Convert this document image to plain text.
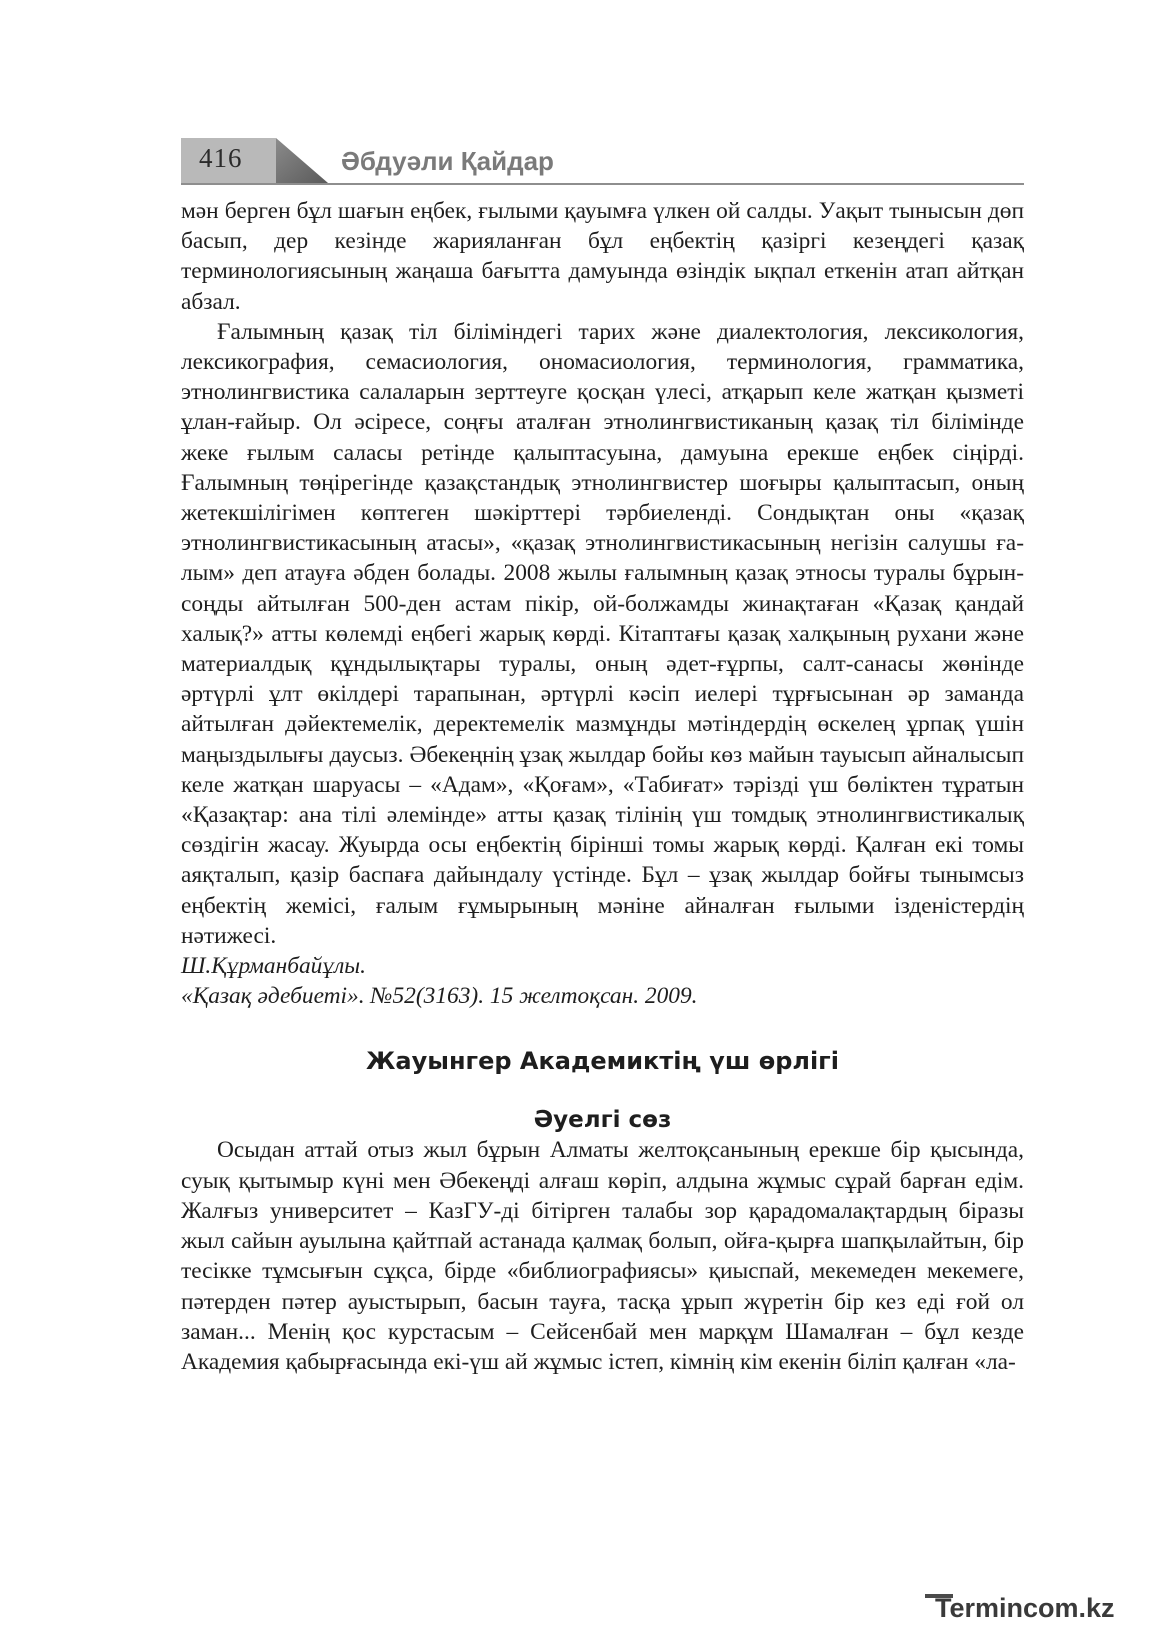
416	Әбдуәли Қайдар

мән берген бұл шағын еңбек, ғылыми қауымға үлкен ой салды. Уақыт тынысын дөп басып, дер кезінде жарияланған бұл еңбектің қазіргі кезеңдегі қазақ терминологиясының жаңаша бағытта дамуында өзіндік ықпал еткенін атап айтқан абзал.

Ғалымның қазақ тіл біліміндегі тарих және диалектология, лексикология, лексикография, семасиология, ономасиология, терминология, грамматика, этнолингвистика салаларын зерттеуге қосқан үлесі, атқарып келе жатқан қызметі ұлан-ғайыр. Ол әсіресе, соңғы аталған этнолингвистиканың қазақ тіл білімінде жеке ғылым саласы ретінде қалыптасуына, дамуына ерекше еңбек сіңірді. Ғалымның төңірегінде қазақстандық этнолингвистер шоғыры қалыптасып, оның жетекшілігімен көптеген шәкірттері тәрбиеленді. Сондықтан оны «қазақ этнолингвистикасының атасы», «қазақ этнолингвистикасының негізін салушы ғалым» деп атауға әбден болады. 2008 жылы ғалымның қазақ этносы туралы бұрын-соңды айтылған 500-ден астам пікір, ой-болжамды жинақтаған «Қазақ қандай халық?» атты көлемді еңбегі жарық көрді. Кітаптағы қазақ халқының рухани және материалдық құндылықтары туралы, оның әдет-ғұрпы, салт-санасы жөнінде әртүрлі ұлт өкілдері тарапынан, әртүрлі кәсіп иелері тұрғысынан әр заманда айтылған дәйектемелік, деректемелік мазмұнды мәтіндердің өскелең ұрпақ үшін маңыздылығы даусыз. Әбекеңнің ұзақ жылдар бойы көз майын тауысып айналысып келе жатқан шаруасы – «Адам», «Қоғам», «Табиғат» тәрізді үш бөліктен тұратын «Қазақтар: ана тілі әлемінде» атты қазақ тілінің үш томдық этнолингвистикалық сөздігін жасау. Жуырда осы еңбектің бірінші томы жарық көрді. Қалған екі томы аяқталып, қазір баспаға дайындалу үстінде. Бұл – ұзақ жылдар бойғы тынымсыз еңбектің жемісі, ғалым ғұмырының мәніне айналған ғылыми ізденістердің нәтижесі.

Ш.Құрманбайұлы.

«Қазақ әдебиеті». №52(3163). 15 желтоқсан. 2009.

Жауынгер Академиктің үш өрлігі
Әуелгі сөз

Осыдан аттай отыз жыл бұрын Алматы желтоқсанының ерекше бір қысында, суық қытымыр күні мен Әбекеңді алғаш көріп, алдына жұмыс сұрай барған едім. Жалғыз университет – КазГУ-ді бітірген талабы зор қарадомалақтардың біразы жыл сайын ауылына қайтпай астанада қалмақ болып, ойға-қырға шапқылайтын, бір тесікке тұмсығын сұқса, бірде «библиографиясы» қиыспай, мекемеден мекемеге, пәтерден пәтер ауыстырып, басын тауға, тасқа ұрып жүретін бір кез еді ғой ол заман... Менің қос курстасым – Сейсенбай мен марқұм Шамалған – бұл кезде Академия қабырғасында екі-үш ай жұмыс істеп, кімнің кім екенін біліп қалған «ла-

Termincom.kz
